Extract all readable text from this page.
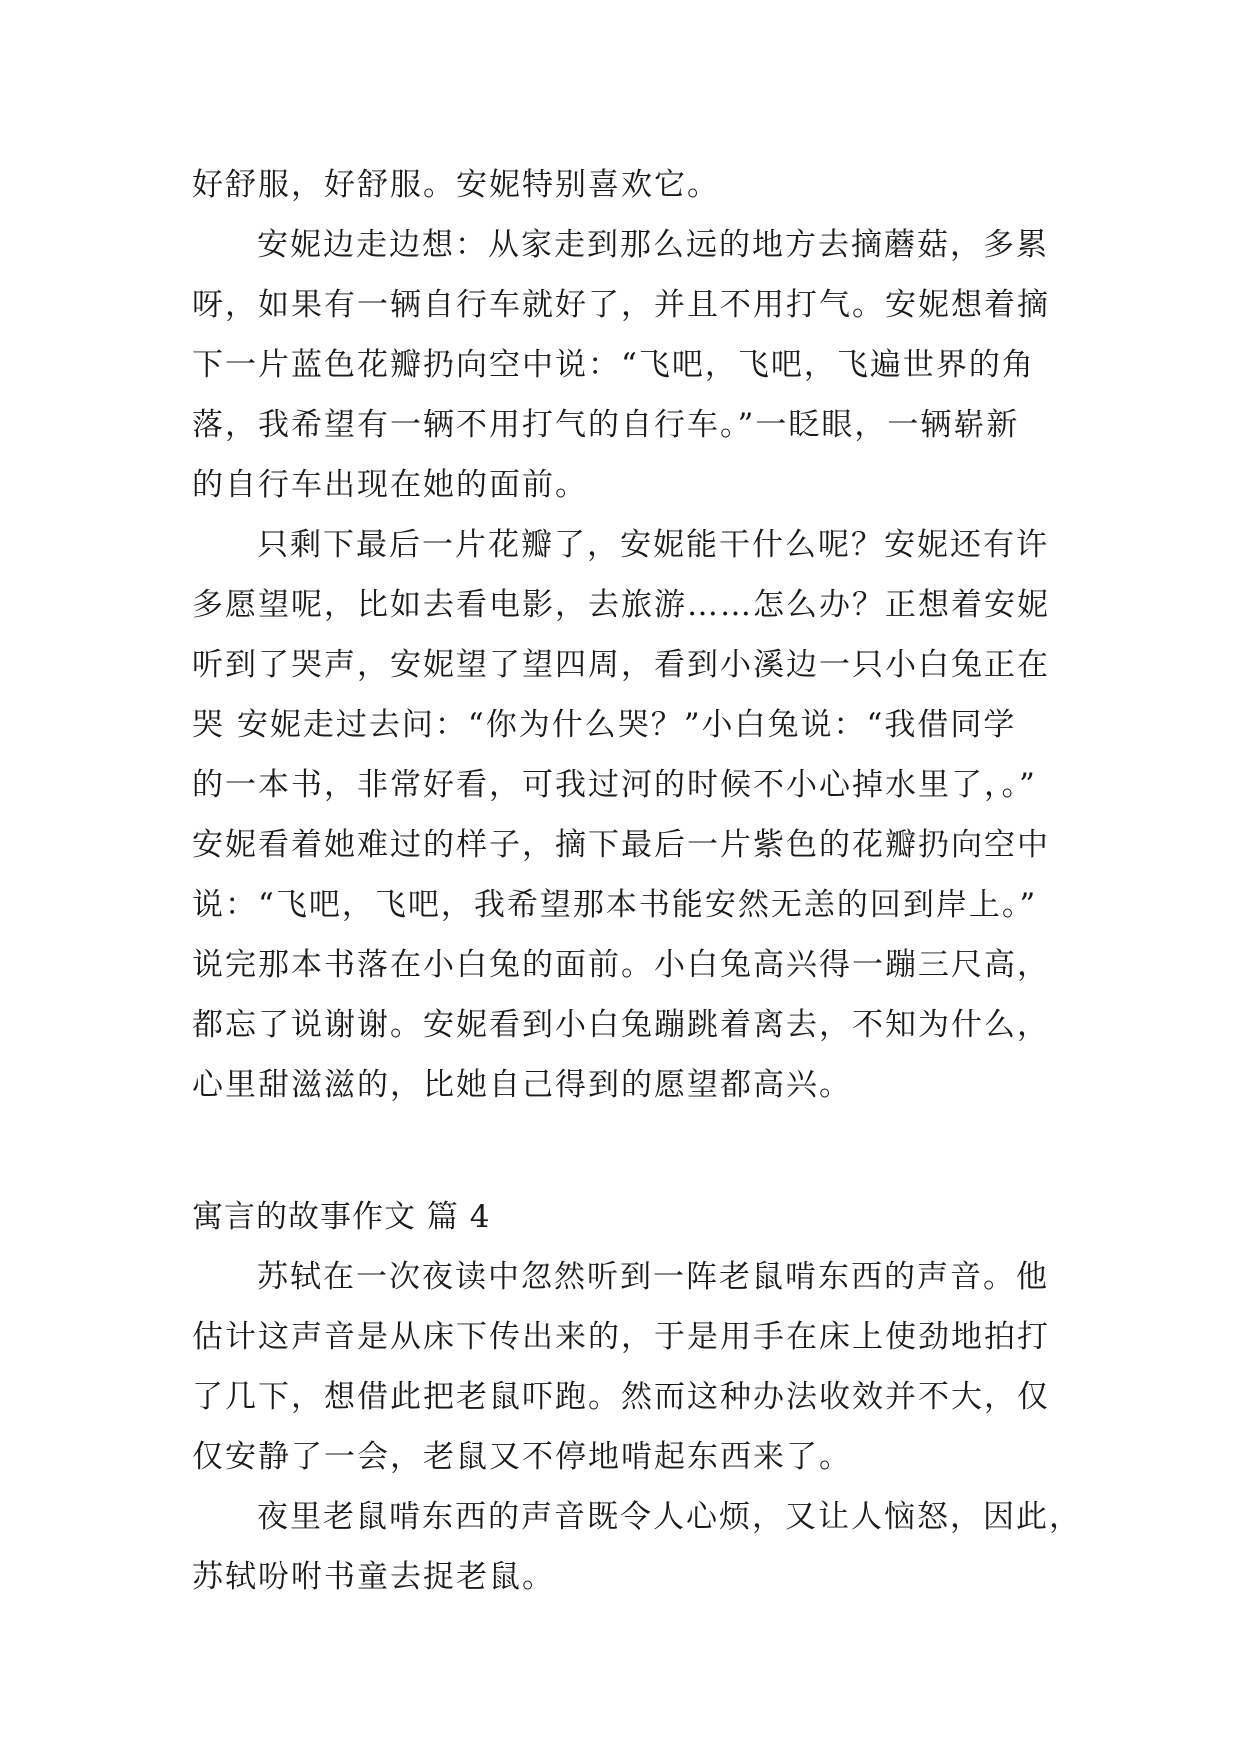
好舒服，好舒服。安妮特别喜欢它。
安妮边走边想：从家走到那么远的地方去摘蘑菇，多累
呀，如果有一辆自行车就好了，并且不用打气。安妮想着摘
下一片蓝色花瓣扔向空中说：“飞吧，飞吧，飞遍世界的角
落，我希望有一辆不用打气的自行车。”一眨眼，一辆崭新
的自行车出现在她的面前。
只剩下最后一片花瓣了，安妮能干什么呢？安妮还有许
多愿望呢，比如去看电影，去旅游……怎么办？正想着安妮
听到了哭声，安妮望了望四周，看到小溪边一只小白兔正在
哭 安妮走过去问：“你为什么哭？”小白兔说：“我借同学
的一本书，非常好看，可我过河的时候不小心掉水里了，。”
安妮看着她难过的样子，摘下最后一片紫色的花瓣扔向空中
说：“飞吧，飞吧，我希望那本书能安然无恙的回到岸上。”
说完那本书落在小白兔的面前。小白兔高兴得一蹦三尺高，
都忘了说谢谢。安妮看到小白兔蹦跳着离去，不知为什么，
心里甜滋滋的，比她自己得到的愿望都高兴。
寓言的故事作文 篇 4
苏轼在一次夜读中忽然听到一阵老鼠啃东西的声音。他
估计这声音是从床下传出来的，于是用手在床上使劲地拍打
了几下，想借此把老鼠吓跑。然而这种办法收效并不大，仅
仅安静了一会，老鼠又不停地啃起东西来了。
夜里老鼠啃东西的声音既令人心烦，又让人恼怒，因此，
苏轼吩咐书童去捉老鼠。
